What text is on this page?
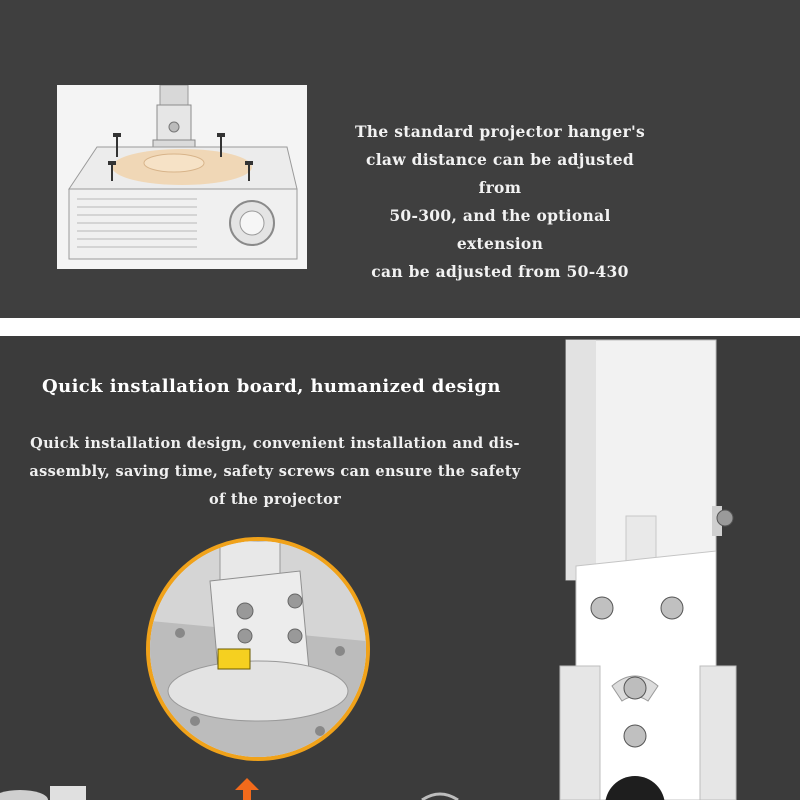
The standard projector hanger's
claw distance can be adjusted from
50-300, and the optional extension
can be adjusted from 50-430
Quick installation board, humanized design
Quick installation design, convenient installation and dis-
assembly, saving time, safety screws can ensure the safety
of the projector
